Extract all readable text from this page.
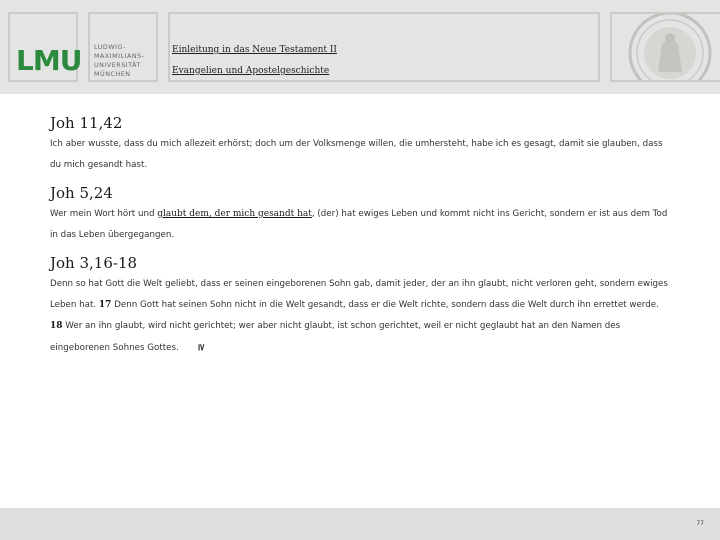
LMU LUDWIG-
MAXIMILIANS-
UNIVERSITÄT
MÜNCHEN
Einleitung in das Neue Testament II
Evangelien und Apostelgeschichte

Joh 11,42

Ich aber wusste, dass du mich allezeit erhörst; doch um der Volksmenge willen, die umhersteht, habe ich es gesagt, damit sie glauben, dass du mich gesandt hast.

Joh 5,24

Wer mein Wort hört und glaubt dem, der mich gesandt hat, (der) hat ewiges Leben und kommt nicht ins Gericht, sondern er ist aus dem Tod in das Leben übergegangen.

Joh 3,16-18

Denn so hat Gott die Welt geliebt, dass er seinen eingeborenen Sohn gab, damit jeder, der an ihn glaubt, nicht verloren geht, sondern ewiges Leben hat. 17 Denn Gott hat seinen Sohn nicht in die Welt gesandt, dass er die Welt richte, sondern dass die Welt durch ihn errettet werde. 18 Wer an ihn glaubt, wird nicht gerichtet; wer aber nicht glaubt, ist schon gerichtet, weil er nicht geglaubt hat an den Namen des eingeborenen Sohnes Gottes. ≥

77
